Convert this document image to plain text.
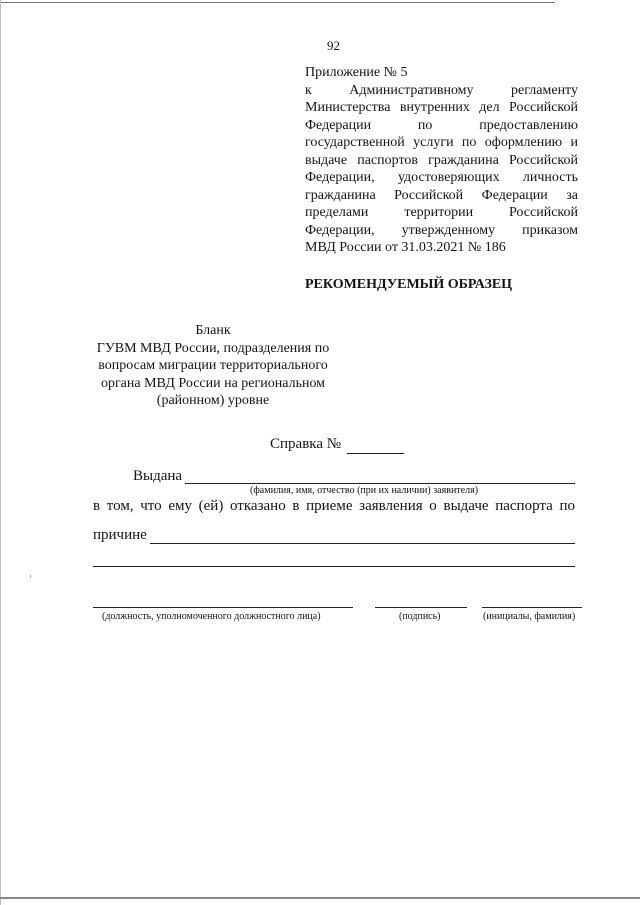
92
Приложение № 5
к Административному регламенту
Министерства внутренних дел Российской
Федерации по предоставлению
государственной услуги по оформлению и
выдаче паспортов гражданина Российской
Федерации, удостоверяющих личность
гражданина Российской Федерации за
пределами территории Российской
Федерации, утвержденному приказом
МВД России от 31.03.2021 № 186
РЕКОМЕНДУЕМЫЙ ОБРАЗЕЦ
Бланк
ГУВМ МВД России, подразделения по
вопросам миграции территориального
органа МВД России на региональном
(районном) уровне
Справка №
Выдана
(фамилия, имя, отчество (при их наличии) заявителя)
в том, что ему (ей) отказано в приеме заявления о выдаче паспорта по
причине
(должность, уполномоченного должностного лица)	(подпись)	(инициалы, фамилия)
